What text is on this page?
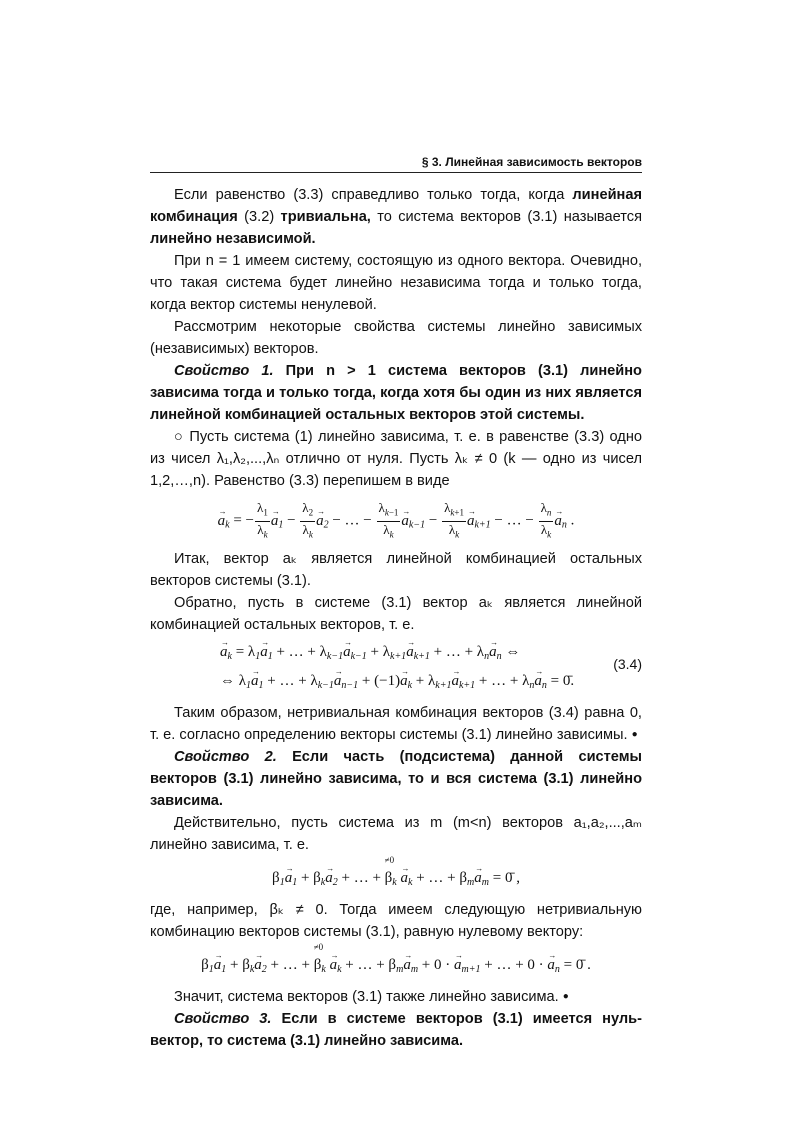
§ 3. Линейная зависимость векторов

Если равенство (3.3) справедливо только тогда, когда линейная комбинация (3.2) тривиальна, то система векторов (3.1) называется линейно независимой.

При n = 1 имеем систему, состоящую из одного вектора. Очевидно, что такая система будет линейно независима тогда и только тогда, когда вектор системы ненулевой.

Рассмотрим некоторые свойства системы линейно зависимых (независимых) векторов.

Свойство 1. При n > 1 система векторов (3.1) линейно зависима тогда и только тогда, когда хотя бы один из них является линейной комбинацией остальных векторов этой системы.

○ Пусть система (1) линейно зависима, т. е. в равенстве (3.3) одно из чисел λ₁,λ₂,...,λₙ отлично от нуля. Пусть λₖ ≠ 0 (k — одно из чисел 1,2,…,n). Равенство (3.3) перепишем в виде

→ $a_k$ = − $\frac{\lambda_1}{\lambda_k}$
→ $a_1 - \frac{\lambda_2}{\lambda_k}$
→ $a_2$ − … − $\frac{\lambda_{k-1}}{\lambda_k}$
→ $a_{k-1} - \frac{\lambda_{k+1}}{\lambda_k}$
→ $a_{k+1}$ − … − $\frac{\lambda_n}{\lambda_k}$
→ $a_n$ .

Итак, вектор aₖ является линейной комбинацией остальных векторов системы (3.1).

Обратно, пусть в системе (3.1) вектор aₖ является линейной комбинацией остальных векторов, т. е.

→ $a_k = \lambda_1\to a_1$ + … + $\lambda_{k-1}\to a_{k-1} + \lambda_{k+1}\to a_{k+1}$ + … + $\lambda_n\to a_n$ ⇔
⇔ $\lambda_1\to a_1$ + … + $\lambda_{k-1}\to a_{n-1} + (-1)\to a_k + \lambda_{k+1}\to a_{k+1}$ + … + $\lambda_n\to a_n$ = 0̄.
(3.4)

Таким образом, нетривиальная комбинация векторов (3.4) равна 0, т. е. согласно определению векторы системы (3.1) линейно зависимы. ●

Свойство 2. Если часть (подсистема) данной системы векторов (3.1) линейно зависима, то и вся система (3.1) линейно зависима.

Действительно, пусть система из m (m<n) векторов a₁,a₂,...,aₘ линейно зависима, т. е.

$\beta_1\to a_1 + \beta_k\to a_2$ + … +
≠0
$\beta_k \to a_k$ + … + $\beta_m\to a_m$ = 0̄ ,

где, например, βₖ ≠ 0. Тогда имеем следующую нетривиальную комбинацию векторов системы (3.1), равную нулевому вектору:

$\beta_1\to a_1 + \beta_k\to a_2$ + … +
≠0
$\beta_k \to a_k$ + … + $\beta_m\to a_m + 0$ · → $a_{m+1}$ + … + 0 · → $a_n$ = 0̄ .

Значит, система векторов (3.1) также линейно зависима. ●

Свойство 3. Если в системе векторов (3.1) имеется нуль-вектор, то система (3.1) линейно зависима.
